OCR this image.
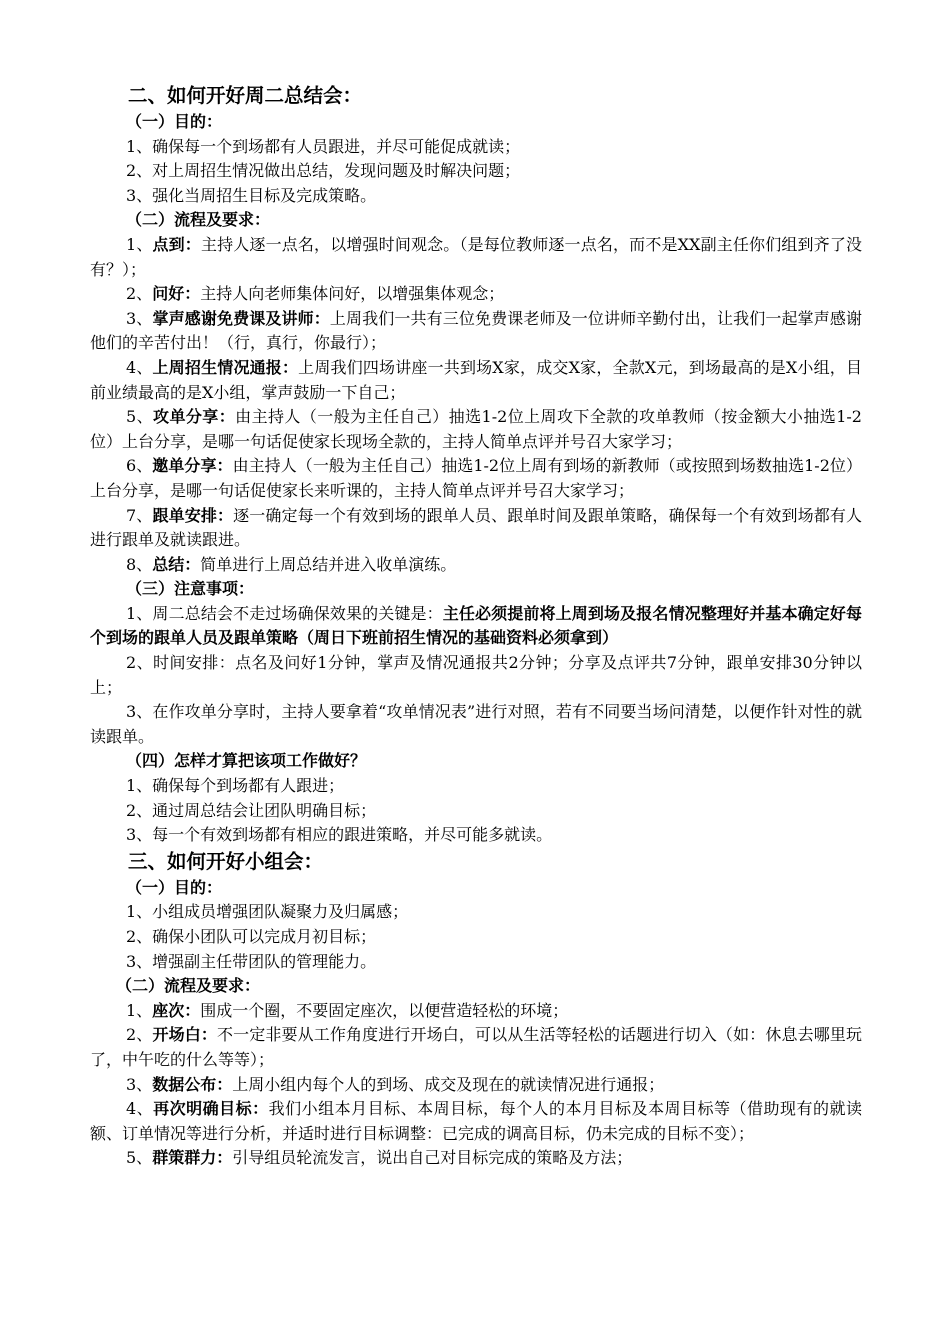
二、如何开好周二总结会：
（一）目的：
1、确保每一个到场都有人员跟进，并尽可能促成就读；
2、对上周招生情况做出总结，发现问题及时解决问题；
3、强化当周招生目标及完成策略。
（二）流程及要求：
1、点到：主持人逐一点名，以增强时间观念。（是每位教师逐一点名，而不是XX副主任你们组到齐了没有？）；
2、问好：主持人向老师集体问好，以增强集体观念；
3、掌声感谢免费课及讲师：上周我们一共有三位免费课老师及一位讲师辛勤付出，让我们一起掌声感谢他们的辛苦付出！（行，真行，你最行）；
4、上周招生情况通报：上周我们四场讲座一共到场X家，成交X家，全款X元，到场最高的是X小组，目前业绩最高的是X小组，掌声鼓励一下自己；
5、攻单分享：由主持人（一般为主任自己）抽选1-2位上周攻下全款的攻单教师（按金额大小抽选1-2位）上台分享，是哪一句话促使家长现场全款的，主持人简单点评并号召大家学习；
6、邀单分享：由主持人（一般为主任自己）抽选1-2位上周有到场的新教师（或按照到场数抽选1-2位）上台分享，是哪一句话促使家长来听课的，主持人简单点评并号召大家学习；
7、跟单安排：逐一确定每一个有效到场的跟单人员、跟单时间及跟单策略，确保每一个有效到场都有人进行跟单及就读跟进。
8、总结：简单进行上周总结并进入收单演练。
（三）注意事项：
1、周二总结会不走过场确保效果的关键是：主任必须提前将上周到场及报名情况整理好并基本确定好每个到场的跟单人员及跟单策略（周日下班前招生情况的基础资料必须拿到）
2、时间安排：点名及问好1分钟，掌声及情况通报共2分钟；分享及点评共7分钟，跟单安排30分钟以上；
3、在作攻单分享时，主持人要拿着“攻单情况表”进行对照，若有不同要当场问清楚，以便作针对性的就读跟单。
（四）怎样才算把该项工作做好？
1、确保每个到场都有人跟进；
2、通过周总结会让团队明确目标；
3、每一个有效到场都有相应的跟进策略，并尽可能多就读。
三、如何开好小组会：
（一）目的：
1、小组成员增强团队凝聚力及归属感；
2、确保小团队可以完成月初目标；
3、增强副主任带团队的管理能力。
（二）流程及要求：
1、座次：围成一个圈，不要固定座次，以便营造轻松的环境；
2、开场白：不一定非要从工作角度进行开场白，可以从生活等轻松的话题进行切入（如：休息去哪里玩了，中午吃的什么等等）；
3、数据公布：上周小组内每个人的到场、成交及现在的就读情况进行通报；
4、再次明确目标：我们小组本月目标、本周目标，每个人的本月目标及本周目标等（借助现有的就读额、订单情况等进行分析，并适时进行目标调整：已完成的调高目标，仍未完成的目标不变）；
5、群策群力：引导组员轮流发言，说出自己对目标完成的策略及方法；
